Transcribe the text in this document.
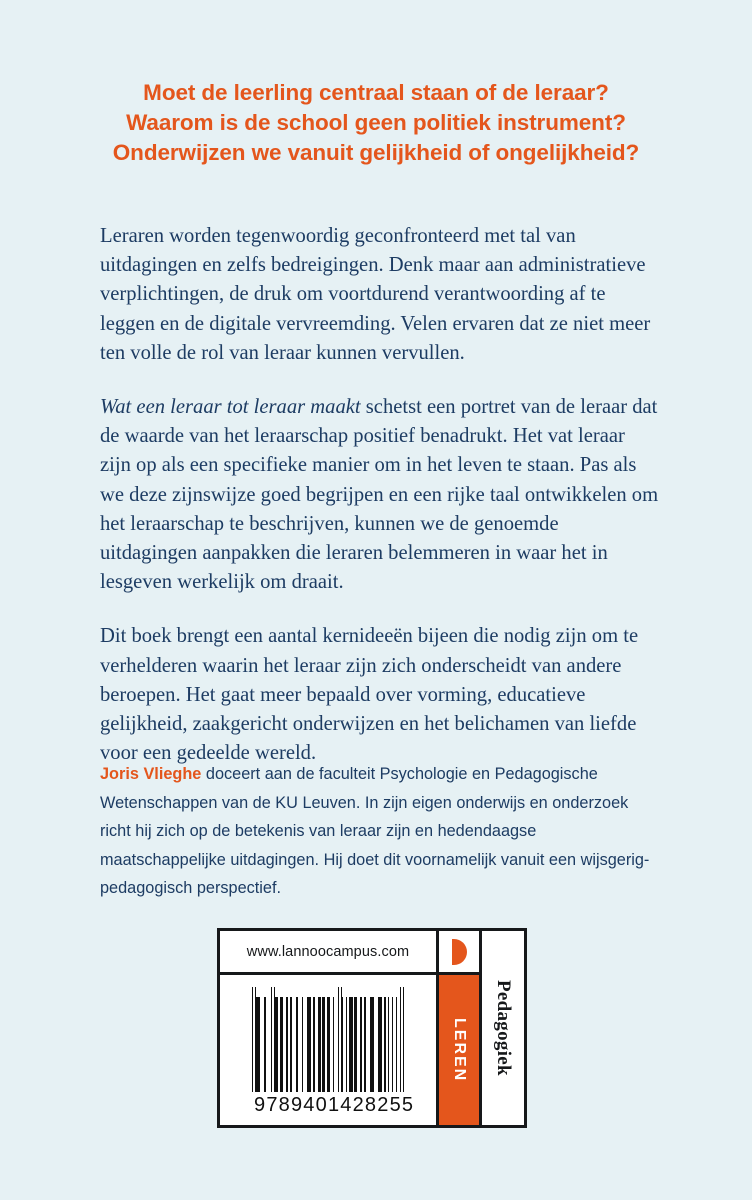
Moet de leerling centraal staan of de leraar?
Waarom is de school geen politiek instrument?
Onderwijzen we vanuit gelijkheid of ongelijkheid?

Leraren worden tegenwoordig geconfronteerd met tal van uitdagingen en zelfs bedreigingen. Denk maar aan administratieve verplichtingen, de druk om voortdurend verantwoording af te leggen en de digitale vervreemding. Velen ervaren dat ze niet meer ten volle de rol van leraar kunnen vervullen.

Wat een leraar tot leraar maakt schetst een portret van de leraar dat de waarde van het leraarschap positief benadrukt. Het vat leraar zijn op als een specifieke manier om in het leven te staan. Pas als we deze zijnswijze goed begrijpen en een rijke taal ontwikkelen om het leraarschap te beschrijven, kunnen we de genoemde uitdagingen aanpakken die leraren belemmeren in waar het in lesgeven werkelijk om draait.

Dit boek brengt een aantal kernideeën bijeen die nodig zijn om te verhelderen waarin het leraar zijn zich onderscheidt van andere beroepen. Het gaat meer bepaald over vorming, educatieve gelijkheid, zaakgericht onderwijzen en het belichamen van liefde voor een gedeelde wereld.

Joris Vlieghe doceert aan de faculteit Psychologie en Pedagogische Wetenschappen van de KU Leuven. In zijn eigen onderwijs en onderzoek richt hij zich op de betekenis van leraar zijn en hedendaagse maatschappelijke uitdagingen. Hij doet dit voornamelijk vanuit een wijsgerig-pedagogisch perspectief.
www.lannoocampus.com
9 789401 428255
LEREN Pedagogiek
